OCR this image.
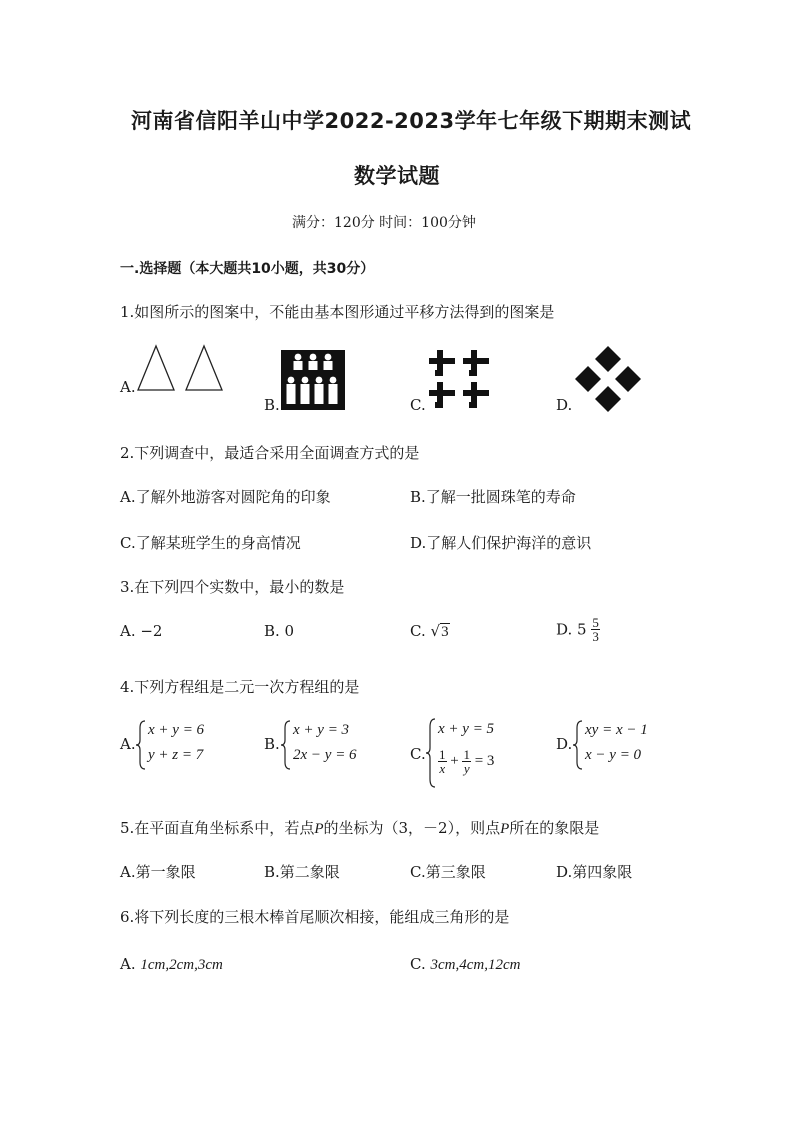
河南省信阳羊山中学2022-2023学年七年级下期期末测试
数学试题
满分：120分 时间：100分钟
一.选择题（本大题共10小题，共30分）
1.如图所示的图案中，不能由基本图形通过平移方法得到的图案是
A.
B.	C.	D.
2.下列调查中，最适合采用全面调查方式的是
A.了解外地游客对圆陀角的印象	B.了解一批圆珠笔的寿命
C.了解某班学生的身高情况	D.了解人们保护海洋的意识
3.在下列四个实数中，最小的数是
A. −2	B. 0	C. √3	D. $5 \frac{5}{3}$
4.下列方程组是二元一次方程组的是
A.
x + y = 6
y + z = 7
B.
x + y = 3
2x − y = 6	C.
x + y = 5
$\frac{1}{x} + \frac{1}{y} = 3$
D.
xy = x − 1
x − y = 0
5.在平面直角坐标系中，若点P的坐标为（3，－2），则点P所在的象限是
A.第一象限	B.第二象限	C.第三象限	D.第四象限
6.将下列长度的三根木棒首尾顺次相接，能组成三角形的是
A. 1cm,2cm,3cm	C. 3cm,4cm,12cm
